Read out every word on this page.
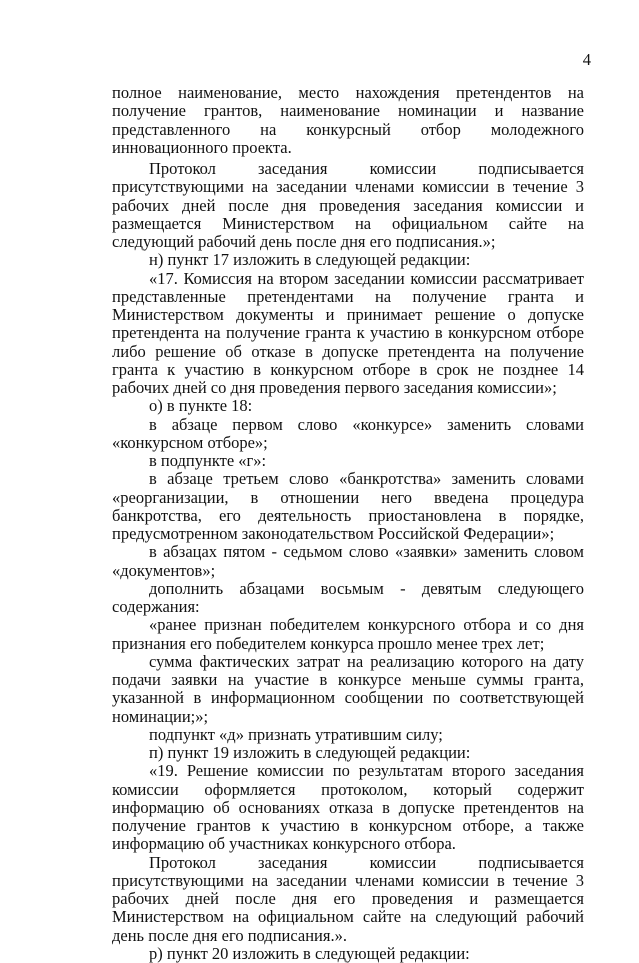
4

полное наименование, место нахождения претендентов на получение грантов, наименование номинации и название представленного на конкурсный отбор молодежного инновационного проекта.

Протокол заседания комиссии подписывается присутствующими на заседании членами комиссии в течение 3 рабочих дней после дня проведения заседания комиссии и размещается Министерством на официальном сайте на следующий рабочий день после дня его подписания.»;

н) пункт 17 изложить в следующей редакции:

«17. Комиссия на втором заседании комиссии рассматривает представленные претендентами на получение гранта и Министерством документы и принимает решение о допуске претендента на получение гранта к участию в конкурсном отборе либо решение об отказе в допуске претендента на получение гранта к участию в конкурсном отборе в срок не позднее 14 рабочих дней со дня проведения первого заседания комиссии»;

о) в пункте 18:

в абзаце первом слово «конкурсе» заменить словами «конкурсном отборе»;

в подпункте «г»:

в абзаце третьем слово «банкротства» заменить словами «реорганизации, в отношении него введена процедура банкротства, его деятельность приостановлена в порядке, предусмотренном законодательством Российской Федерации»;

в абзацах пятом - седьмом слово «заявки» заменить словом «документов»;

дополнить абзацами восьмым - девятым следующего содержания:

«ранее признан победителем конкурсного отбора и со дня признания его победителем конкурса прошло менее трех лет;

сумма фактических затрат на реализацию которого на дату подачи заявки на участие в конкурсе меньше суммы гранта, указанной в информационном сообщении по соответствующей номинации;»;

подпункт «д» признать утратившим силу;

п) пункт 19 изложить в следующей редакции:

«19. Решение комиссии по результатам второго заседания комиссии оформляется протоколом, который содержит информацию об основаниях отказа в допуске претендентов на получение грантов к участию в конкурсном отборе, а также информацию об участниках конкурсного отбора.

Протокол заседания комиссии подписывается присутствующими на заседании членами комиссии в течение 3 рабочих дней после дня его проведения и размещается Министерством на официальном сайте на следующий рабочий день после дня его подписания.».

р) пункт 20 изложить в следующей редакции:
